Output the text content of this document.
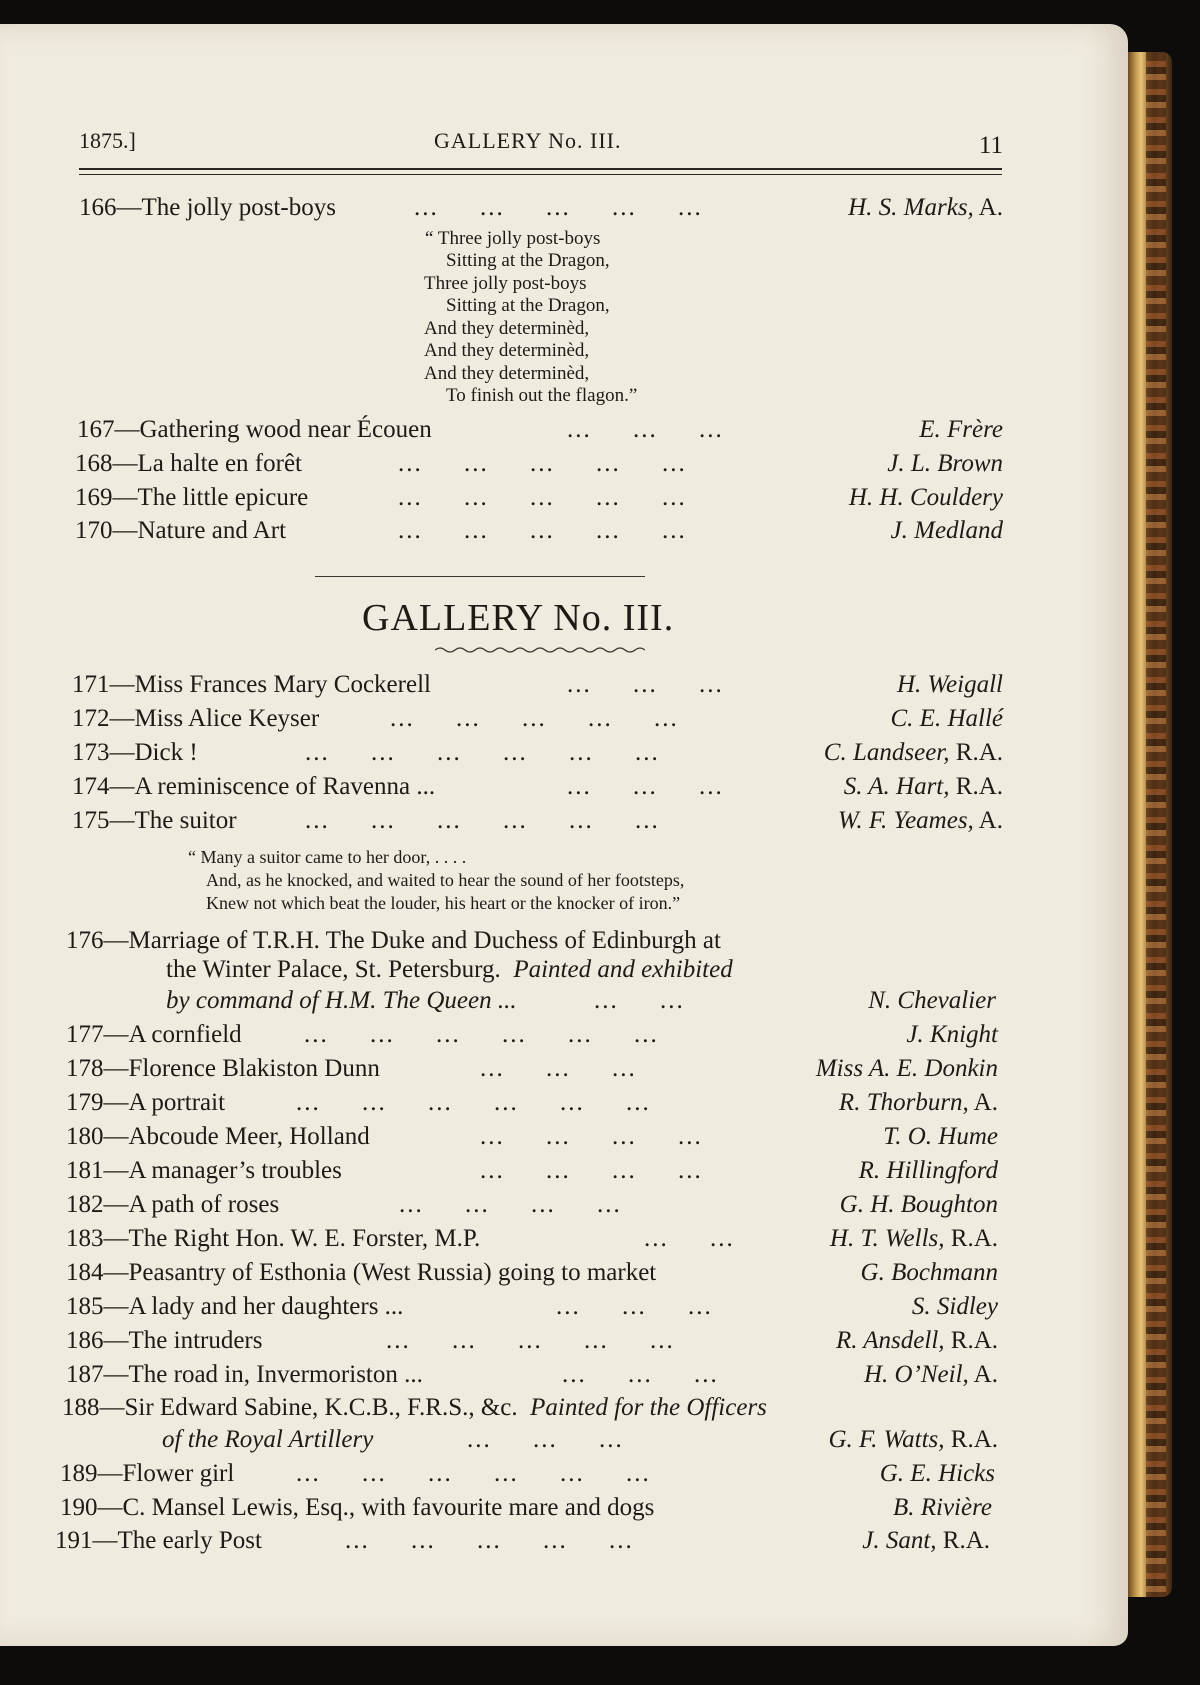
1875.]	GALLERY No. III.	11
166—The jolly post-boys	...     ...     ...     ...     ...	H. S. Marks, A.
“ Three jolly post-boys
Sitting at the Dragon,
Three jolly post-boys
Sitting at the Dragon,
And they determinèd,
And they determinèd,
And they determinèd,
To finish out the flagon.”
167—Gathering wood near Écouen	...     ...     ...	E. Frère
168—La halte en forêt	...     ...     ...     ...     ...	J. L. Brown
169—The little epicure	...     ...     ...     ...     ...	H. H. Couldery
170—Nature and Art	...     ...     ...     ...     ...	J. Medland
GALLERY No. III.
171—Miss Frances Mary Cockerell	...     ...     ...	H. Weigall
172—Miss Alice Keyser	...     ...     ...     ...     ...	C. E. Hallé
173—Dick !	...     ...     ...     ...     ...     ...	C. Landseer, R.A.
174—A reminiscence of Ravenna ...	...     ...     ...	S. A. Hart, R.A.
175—The suitor	...     ...     ...     ...     ...     ...	W. F. Yeames, A.
“ Many a suitor came to her door, . . . .
And, as he knocked, and waited to hear the sound of her footsteps,
Knew not which beat the louder, his heart or the knocker of iron.”
176—Marriage of T.R.H. The Duke and Duchess of Edinburgh at
the Winter Palace, St. Petersburg. Painted and exhibited
by command of H.M. The Queen ...	...     ...	N. Chevalier
177—A cornfield ...     ...     ...     ...     ...     ...	J. Knight
178—Florence Blakiston Dunn	...     ...     ...	Miss A. E. Donkin
179—A portrait	...     ...     ...     ...     ...     ...	R. Thorburn, A.
180—Abcoude Meer, Holland	...     ...     ...     ...	T. O. Hume
181—A manager’s troubles	...     ...     ...     ...	R. Hillingford
182—A path of roses	...     ...     ...     ...	G. H. Boughton
183—The Right Hon. W. E. Forster, M.P.	...     ...	H. T. Wells, R.A.
184—Peasantry of Esthonia (West Russia) going to market	G. Bochmann
185—A lady and her daughters ...	...     ...     ...	S. Sidley
186—The intruders	...     ...     ...     ...     ...	R. Ansdell, R.A.
187—The road in, Invermoriston ...	...     ...     ...	H. O’Neil, A.
188—Sir Edward Sabine, K.C.B., F.R.S., &c. Painted for the Officers
of the Royal Artillery	...     ...     ...	G. F. Watts, R.A.
189—Flower girl ...     ...     ...     ...     ...     ...	G. E. Hicks
190—C. Mansel Lewis, Esq., with favourite mare and dogs	B. Rivière
191—The early Post	...     ...     ...     ...     ...	J. Sant, R.A.
